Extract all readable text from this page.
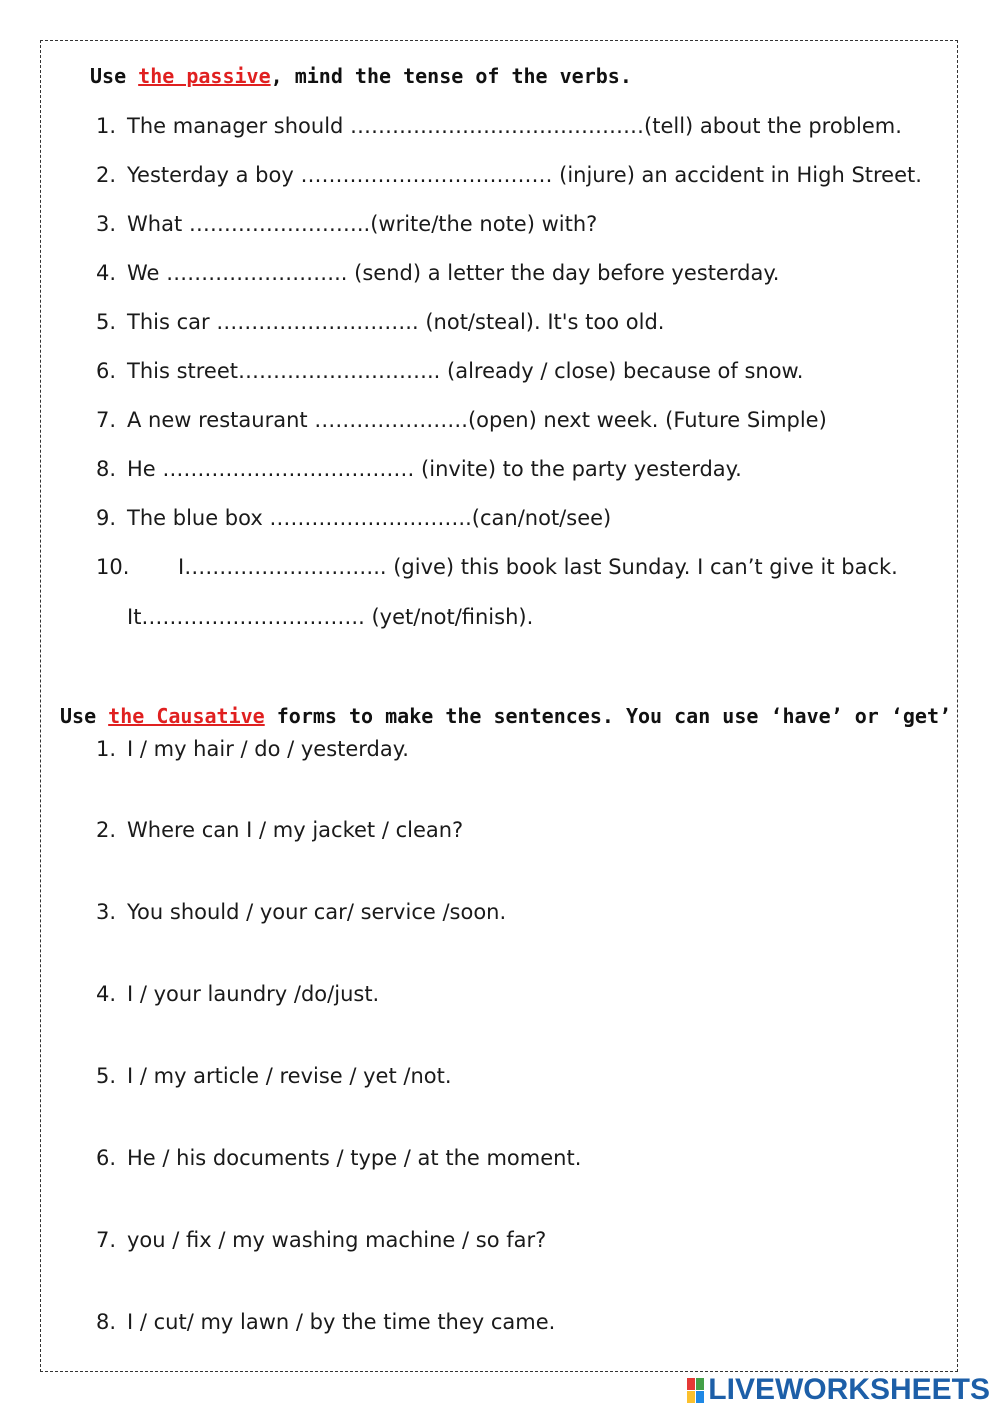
Use the passive, mind the tense of the verbs.
1. The manager should ……………………………………(tell) about the problem.
2. Yesterday a boy ……………………………… (injure) an accident in High Street.
3. What ……………………..(write/the note) with?
4. We …………………….. (send) a letter the day before yesterday.
5. This car ……………………….. (not/steal). It's too old.
6. This street……………………….. (already / close) because of snow.
7. A new restaurant ………………….(open) next week. (Future Simple)
8. He ……………………………… (invite) to the party yesterday.
9. The blue box ………………………..(can/not/see)
10. I……………………….. (give) this book last Sunday. I can’t give it back.
It………………………….. (yet/not/finish).
Use the Causative forms to make the sentences. You can use ‘have’ or ‘get’
1. I / my hair / do / yesterday.
2. Where can I / my jacket / clean?
3. You should / your car/ service /soon.
4. I / your laundry /do/just.
5. I / my article / revise / yet /not.
6. He / his documents / type / at the moment.
7. you / fix / my washing machine / so far?
8. I / cut/ my lawn / by the time they came.
LIVEWORKSHEETS
